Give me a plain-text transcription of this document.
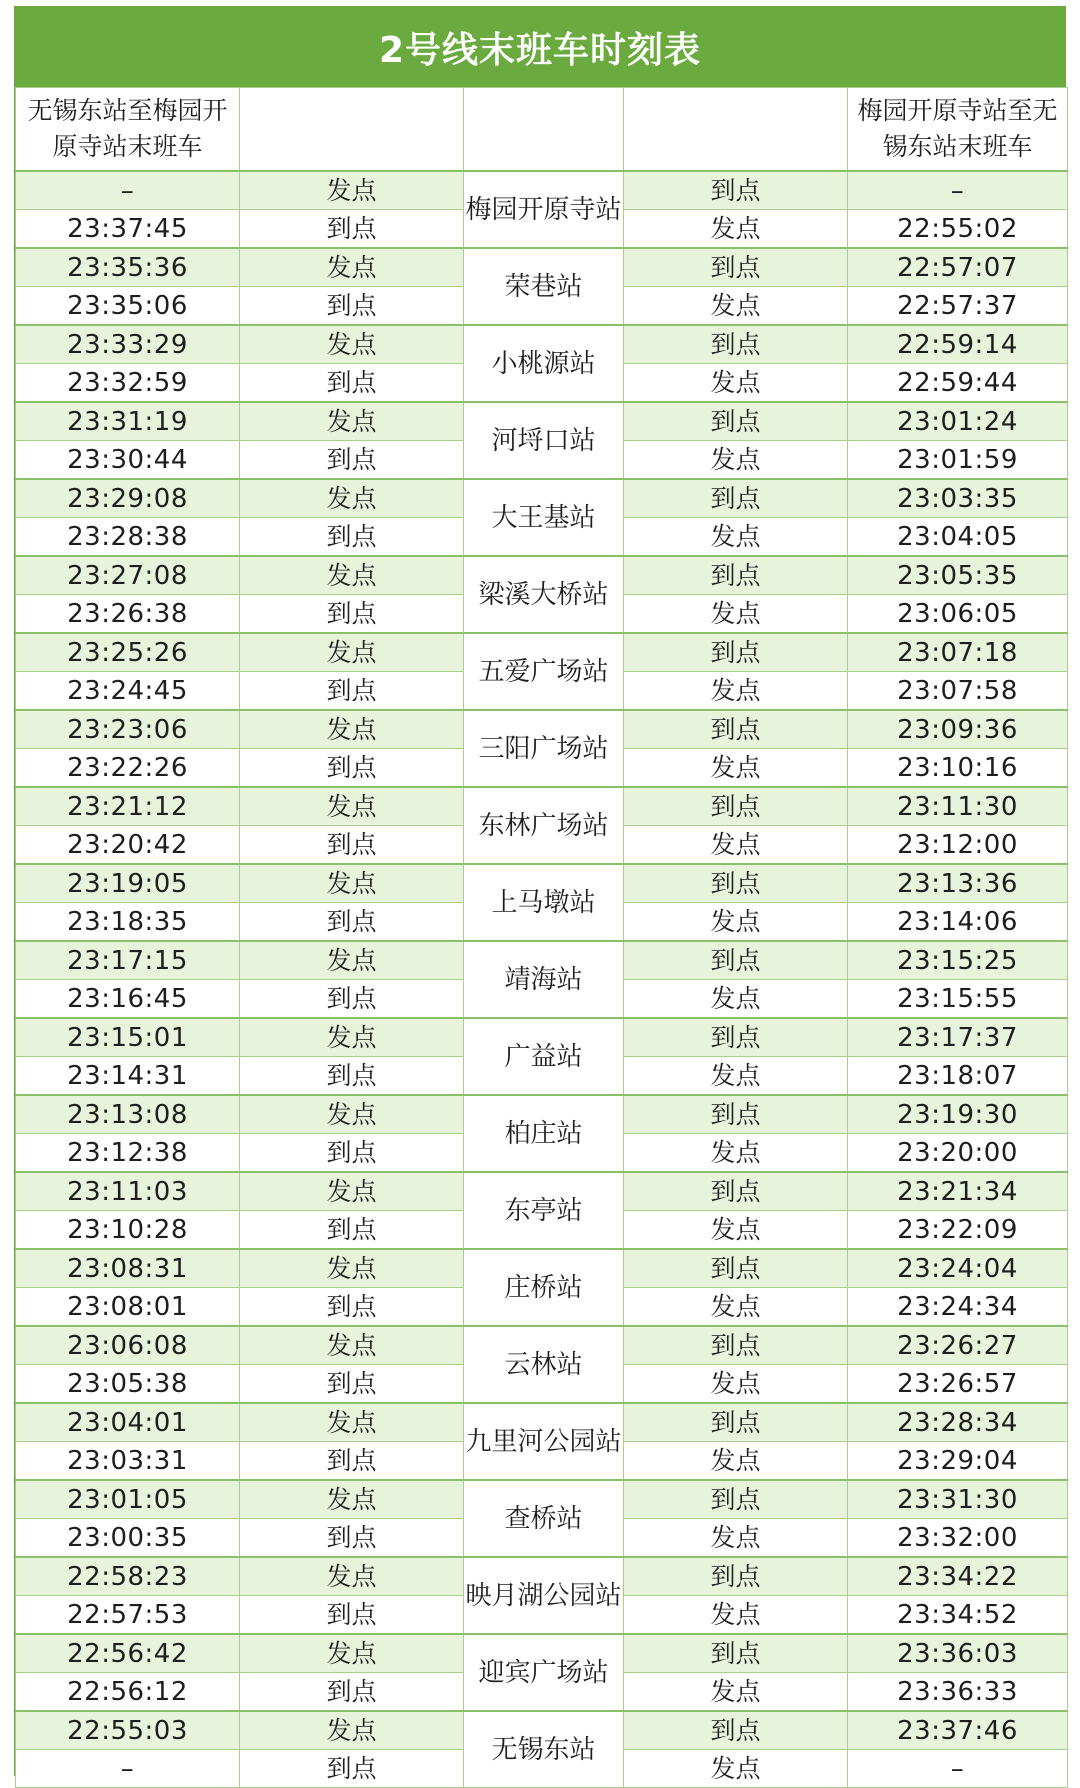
2号线末班车时刻表
无锡东站至梅园开原寺站末班车				梅园开原寺站至无锡东站末班车
–	发点	梅园开原寺站	到点	–
23:37:45	到点		发点	22:55:02
23:35:36	发点	荣巷站	到点	22:57:07
23:35:06	到点		发点	22:57:37
23:33:29	发点	小桃源站	到点	22:59:14
23:32:59	到点		发点	22:59:44
23:31:19	发点	河埒口站	到点	23:01:24
23:30:44	到点		发点	23:01:59
23:29:08	发点	大王基站	到点	23:03:35
23:28:38	到点		发点	23:04:05
23:27:08	发点	梁溪大桥站	到点	23:05:35
23:26:38	到点		发点	23:06:05
23:25:26	发点	五爱广场站	到点	23:07:18
23:24:45	到点		发点	23:07:58
23:23:06	发点	三阳广场站	到点	23:09:36
23:22:26	到点		发点	23:10:16
23:21:12	发点	东林广场站	到点	23:11:30
23:20:42	到点		发点	23:12:00
23:19:05	发点	上马墩站	到点	23:13:36
23:18:35	到点		发点	23:14:06
23:17:15	发点	靖海站	到点	23:15:25
23:16:45	到点		发点	23:15:55
23:15:01	发点	广益站	到点	23:17:37
23:14:31	到点		发点	23:18:07
23:13:08	发点	柏庄站	到点	23:19:30
23:12:38	到点		发点	23:20:00
23:11:03	发点	东亭站	到点	23:21:34
23:10:28	到点		发点	23:22:09
23:08:31	发点	庄桥站	到点	23:24:04
23:08:01	到点		发点	23:24:34
23:06:08	发点	云林站	到点	23:26:27
23:05:38	到点		发点	23:26:57
23:04:01	发点	九里河公园站	到点	23:28:34
23:03:31	到点		发点	23:29:04
23:01:05	发点	查桥站	到点	23:31:30
23:00:35	到点		发点	23:32:00
22:58:23	发点	映月湖公园站	到点	23:34:22
22:57:53	到点		发点	23:34:52
22:56:42	发点	迎宾广场站	到点	23:36:03
22:56:12	到点		发点	23:36:33
22:55:03	发点	无锡东站	到点	23:37:46
–	到点		发点	–
